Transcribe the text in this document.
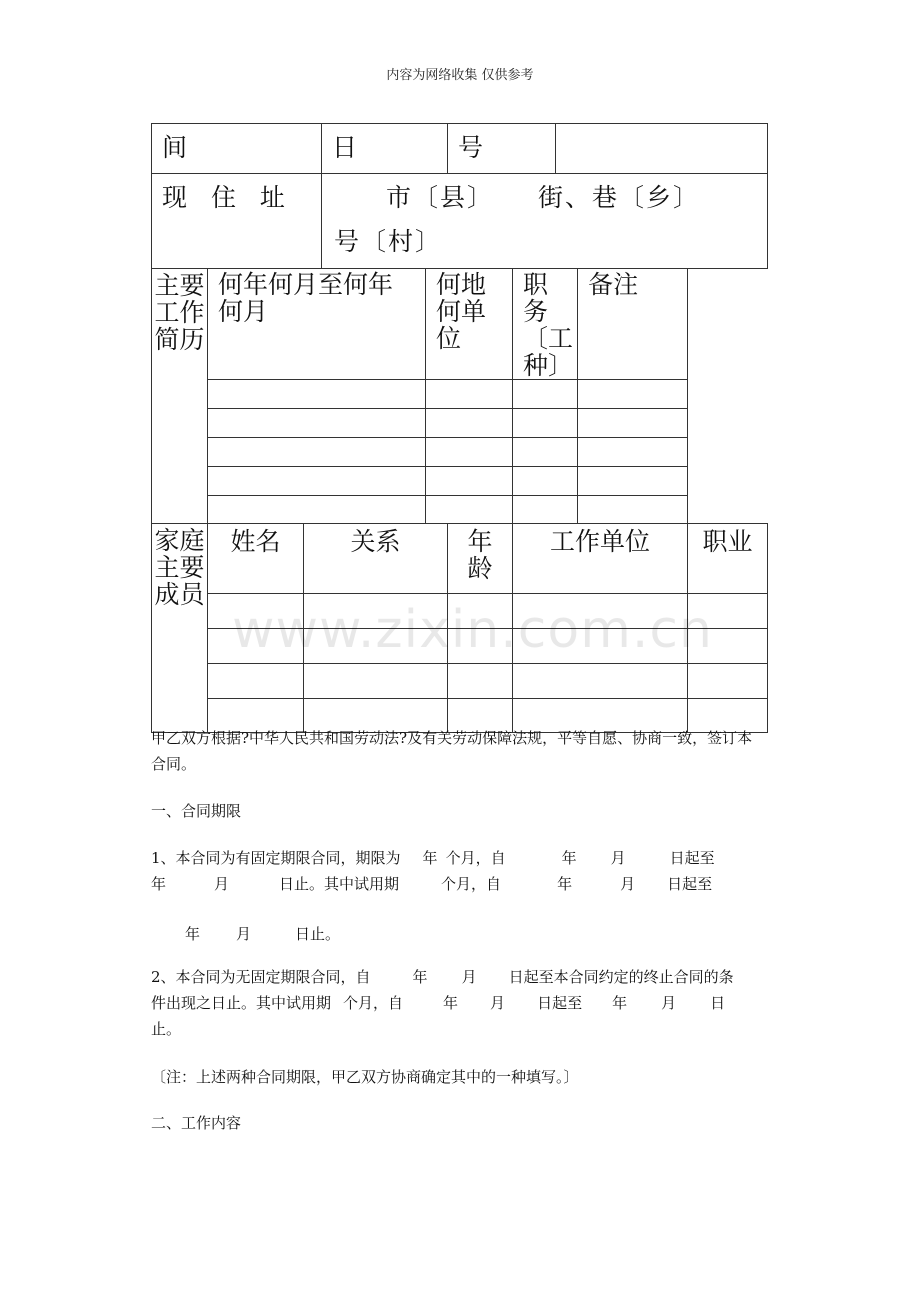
内容为网络收集 仅供参考
间			日		号				
现 住 址			市〔县〕 街、巷〔乡〕
号〔村〕						

主要工作简历	何年何月至何年何月			何地何单位		职务〔工种〕		备注	

家庭主要成员	姓名	关系			年龄	工作单位			职业

www.zixin.com.cn

甲乙双方根据?中华人民共和国劳动法?及有关劳动保障法规，平等自愿、协商一致，签订本合同。

一、合同期限

1、本合同为有固定期限合同，期限为 年 个月，自	年 月	日起至

年	月	日止。其中试用期	个月，自	年	月 日起至

年 月	日止。

2、本合同为无固定期限合同，自	年 月 日起至本合同约定的终止合同的条

件出现之日止。其中试用期 个月，自	年 月 日起至 年 月 日

止。

〔注：上述两种合同期限，甲乙双方协商确定其中的一种填写。〕
二、工作内容
